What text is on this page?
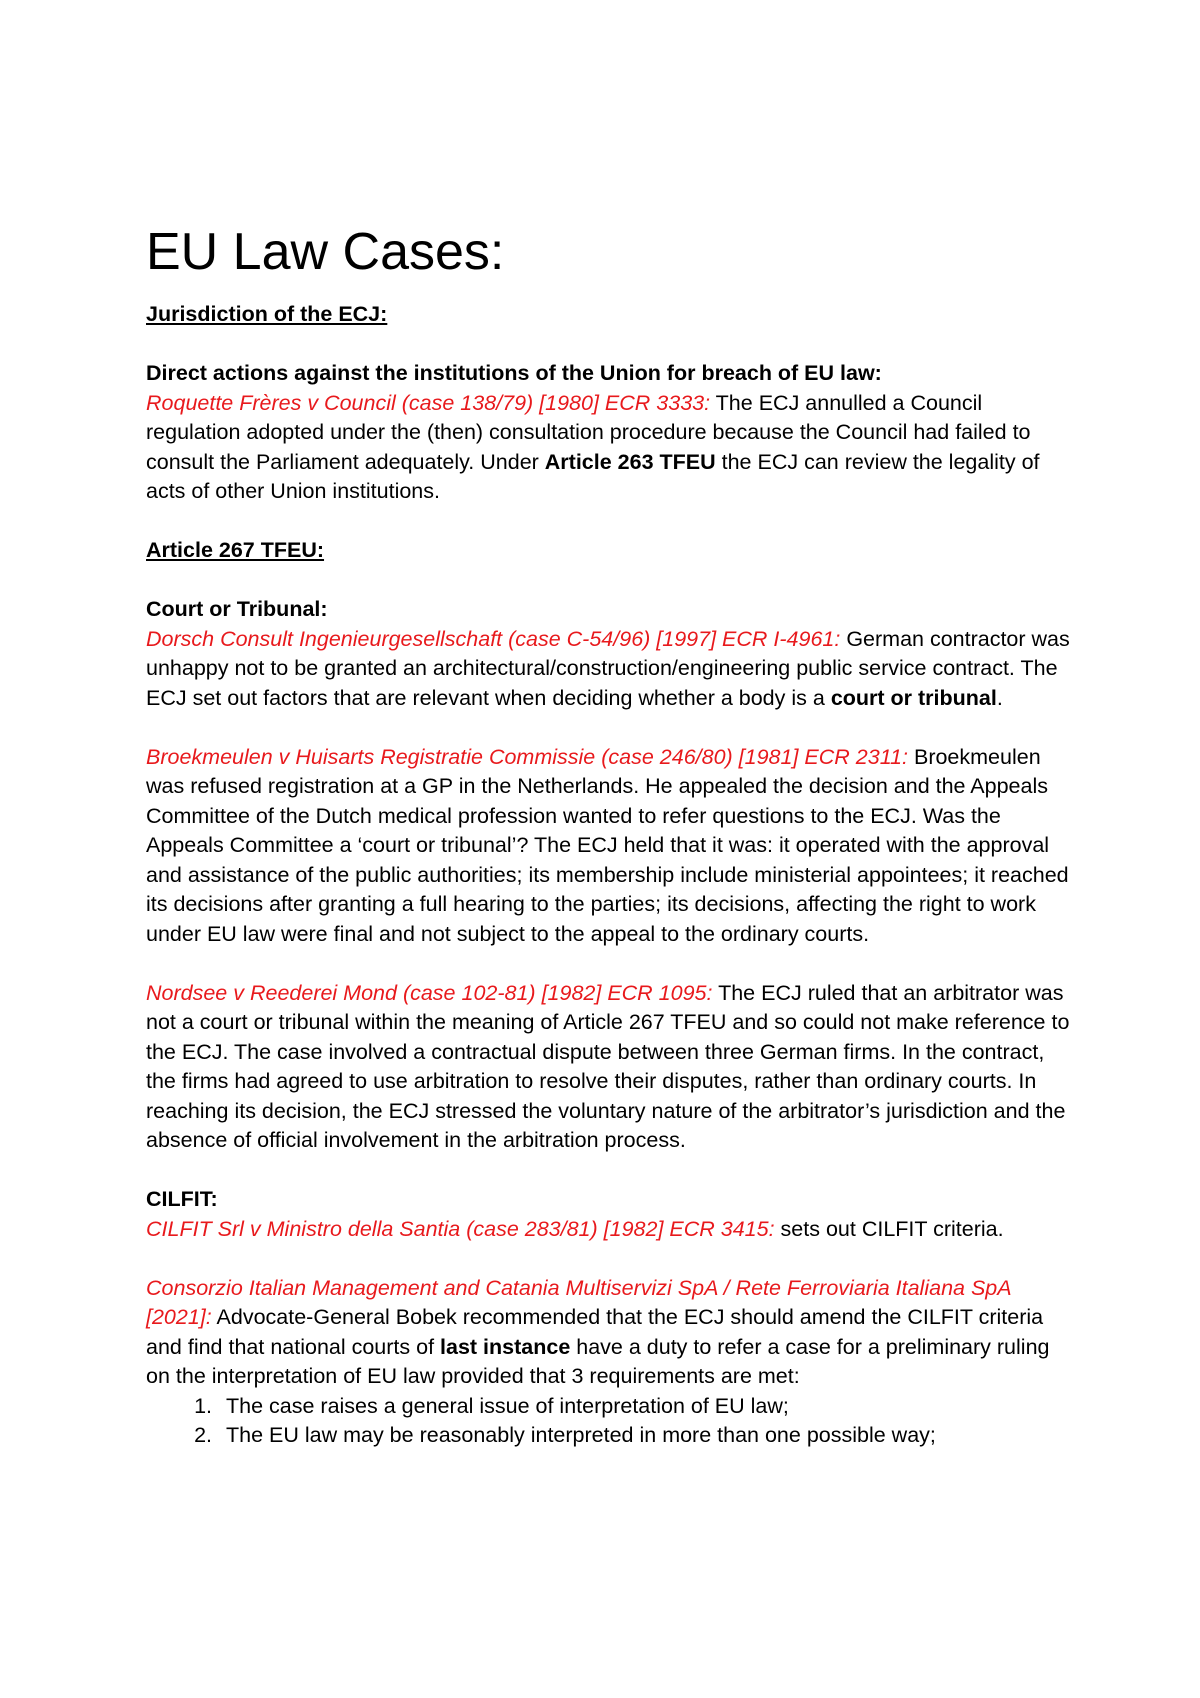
EU Law Cases:

Jurisdiction of the ECJ:

Direct actions against the institutions of the Union for breach of EU law:

Roquette Frères v Council (case 138/79) [1980] ECR 3333: The ECJ annulled a Council regulation adopted under the (then) consultation procedure because the Council had failed to consult the Parliament adequately. Under Article 263 TFEU the ECJ can review the legality of acts of other Union institutions.

Article 267 TFEU:

Court or Tribunal:

Dorsch Consult Ingenieurgesellschaft (case C-54/96) [1997] ECR I-4961: German contractor was unhappy not to be granted an architectural/construction/engineering public service contract. The ECJ set out factors that are relevant when deciding whether a body is a court or tribunal.

Broekmeulen v Huisarts Registratie Commissie (case 246/80) [1981] ECR 2311: Broekmeulen was refused registration at a GP in the Netherlands. He appealed the decision and the Appeals Committee of the Dutch medical profession wanted to refer questions to the ECJ. Was the Appeals Committee a ‘court or tribunal’? The ECJ held that it was: it operated with the approval and assistance of the public authorities; its membership include ministerial appointees; it reached its decisions after granting a full hearing to the parties; its decisions, affecting the right to work under EU law were final and not subject to the appeal to the ordinary courts.

Nordsee v Reederei Mond (case 102-81) [1982] ECR 1095: The ECJ ruled that an arbitrator was not a court or tribunal within the meaning of Article 267 TFEU and so could not make reference to the ECJ. The case involved a contractual dispute between three German firms. In the contract, the firms had agreed to use arbitration to resolve their disputes, rather than ordinary courts. In reaching its decision, the ECJ stressed the voluntary nature of the arbitrator’s jurisdiction and the absence of official involvement in the arbitration process.

CILFIT:

CILFIT Srl v Ministro della Santia (case 283/81) [1982] ECR 3415: sets out CILFIT criteria.

Consorzio Italian Management and Catania Multiservizi SpA / Rete Ferroviaria Italiana SpA [2021]: Advocate-General Bobek recommended that the ECJ should amend the CILFIT criteria and find that national courts of last instance have a duty to refer a case for a preliminary ruling on the interpretation of EU law provided that 3 requirements are met:

1. The case raises a general issue of interpretation of EU law;
2. The EU law may be reasonably interpreted in more than one possible way;
